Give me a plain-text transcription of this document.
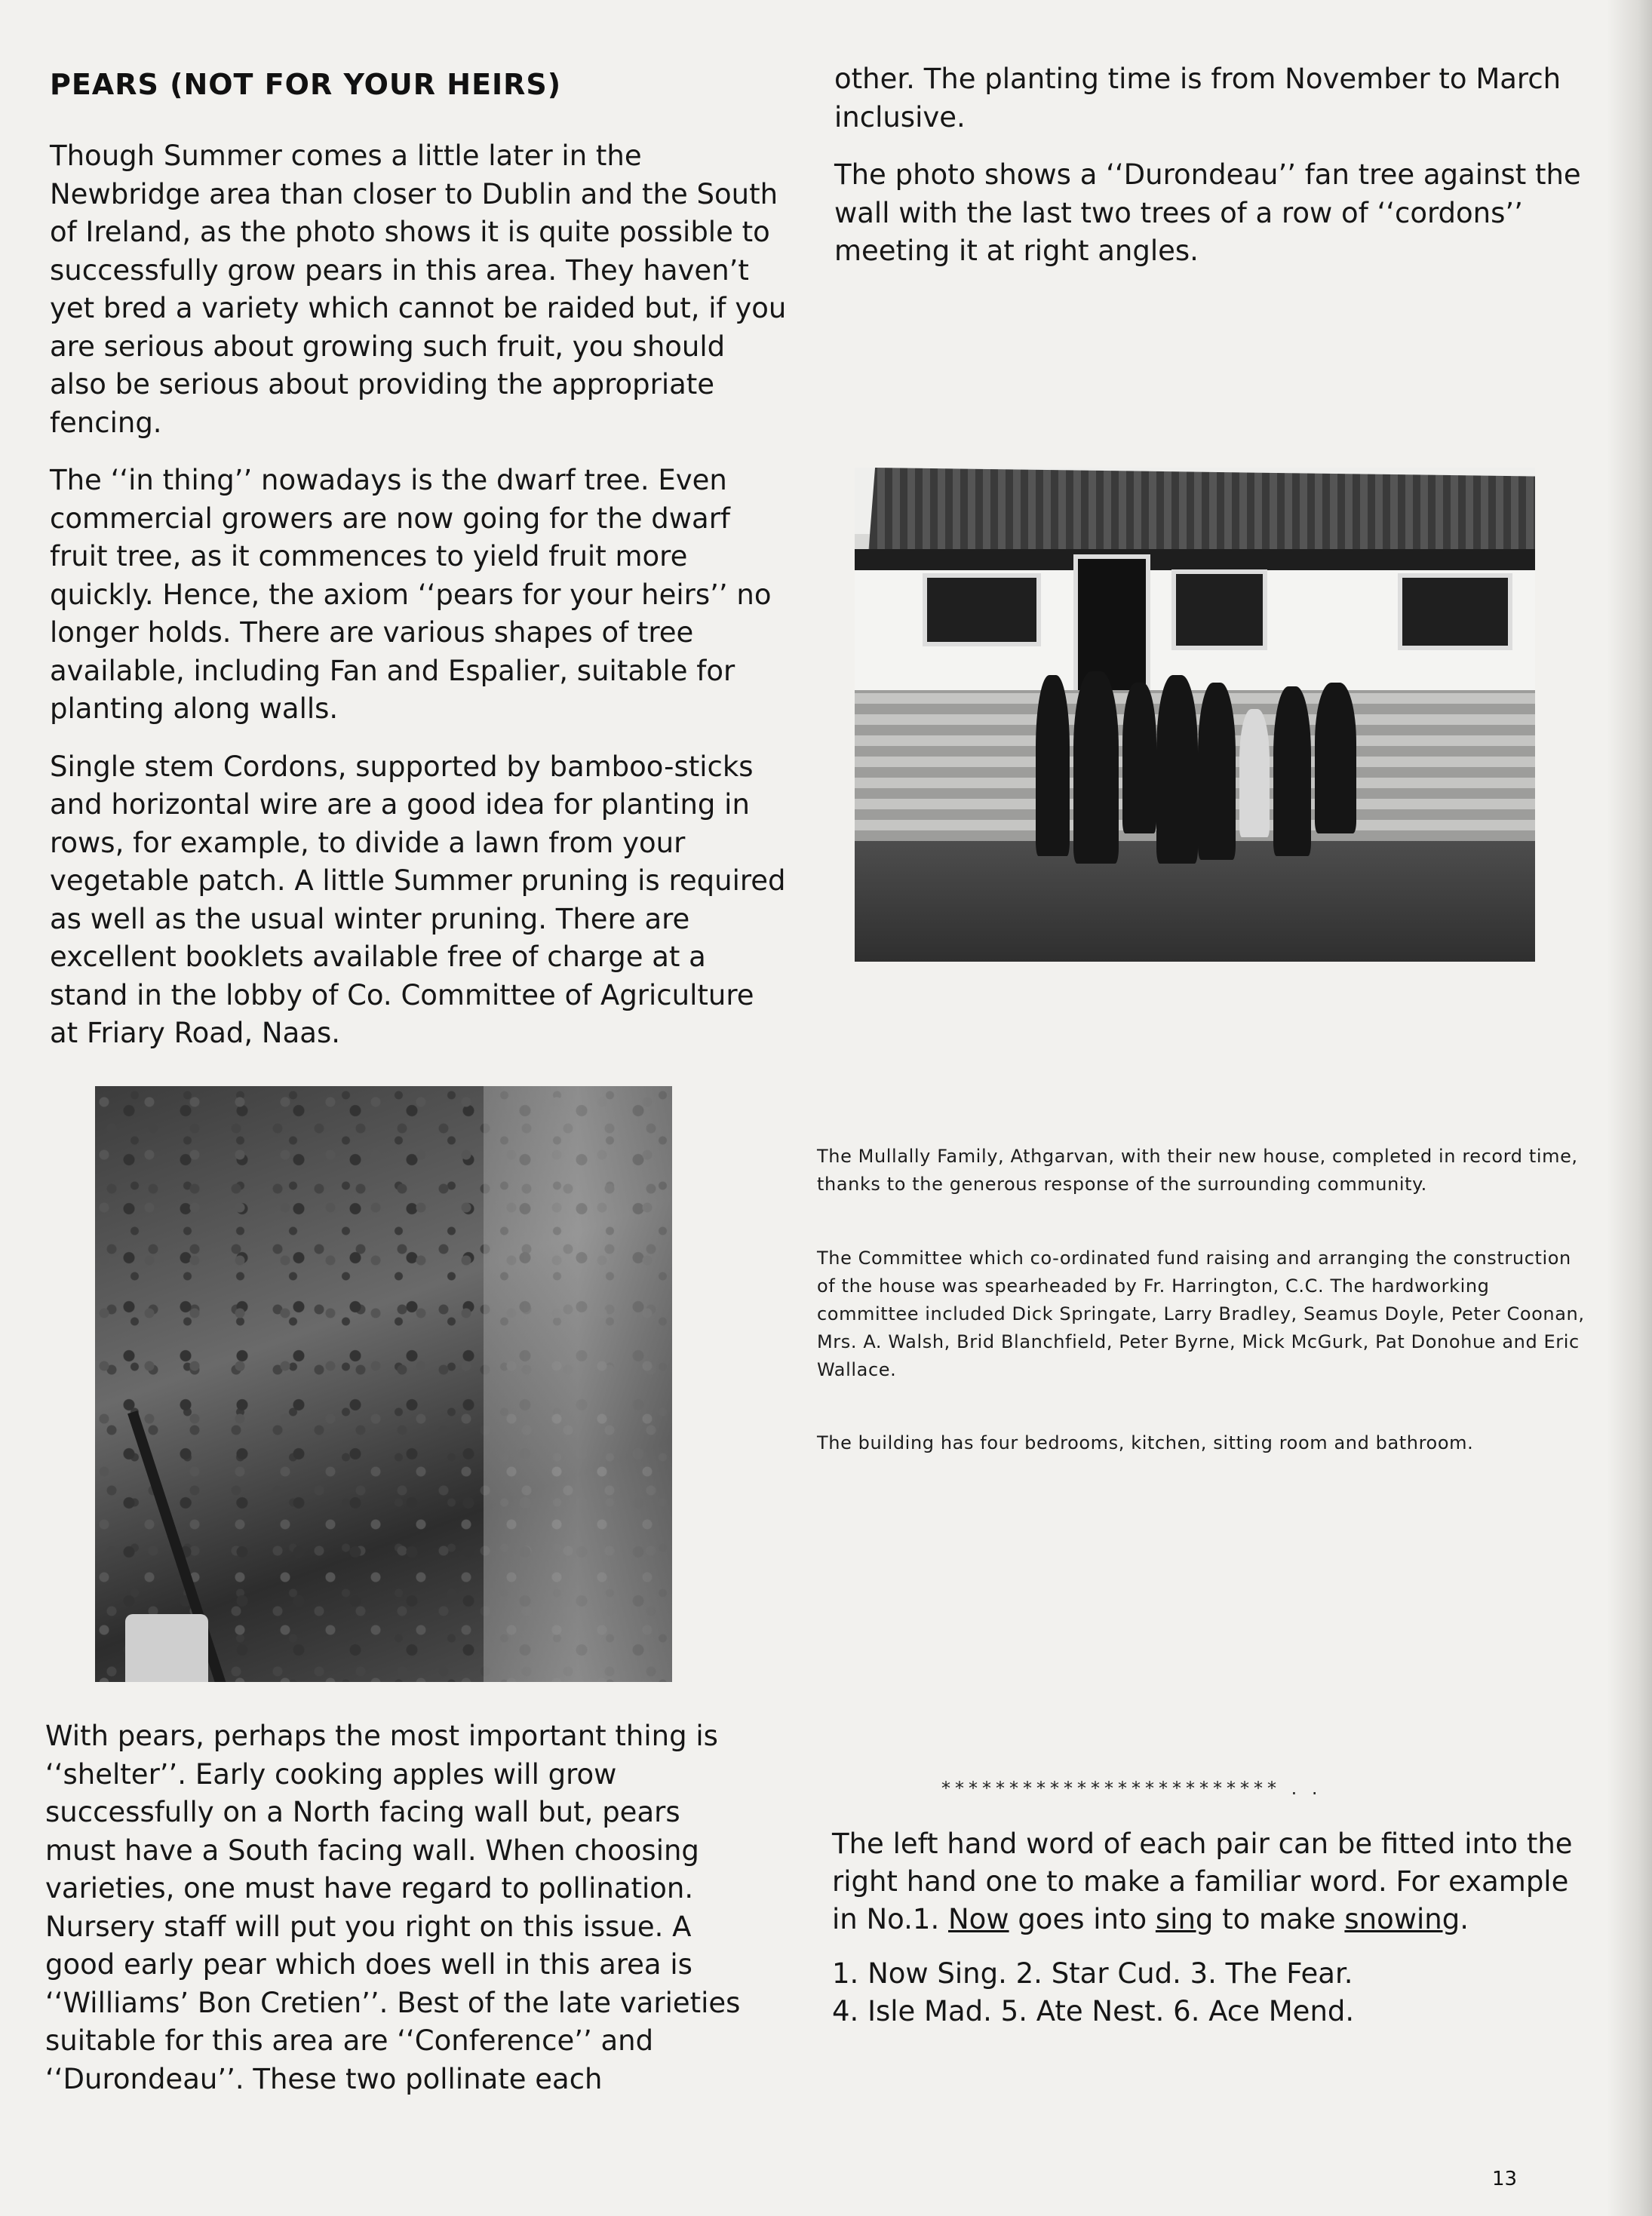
PEARS (NOT FOR YOUR HEIRS)

Though Summer comes a little later in the Newbridge area than closer to Dublin and the South of Ireland, as the photo shows it is quite possible to successfully grow pears in this area. They haven’t yet bred a variety which cannot be raided but, if you are serious about growing such fruit, you should also be serious about providing the appropriate fencing.

The ‘‘in thing’’ nowadays is the dwarf tree. Even commercial growers are now going for the dwarf fruit tree, as it commences to yield fruit more quickly. Hence, the axiom ‘‘pears for your heirs’’ no longer holds. There are various shapes of tree available, including Fan and Espalier, suitable for planting along walls.

Single stem Cordons, supported by bamboo-sticks and horizontal wire are a good idea for planting in rows, for example, to divide a lawn from your vegetable patch. A little Summer pruning is required as well as the usual winter pruning. There are excellent booklets available free of charge at a stand in the lobby of Co. Committee of Agriculture at Friary Road, Naas.

With pears, perhaps the most important thing is ‘‘shelter’’. Early cooking apples will grow successfully on a North facing wall but, pears must have a South facing wall. When choosing varieties, one must have regard to pollination. Nursery staff will put you right on this issue. A good early pear which does well in this area is ‘‘Williams’ Bon Cretien’’. Best of the late varieties suitable for this area are ‘‘Conference’’ and ‘‘Durondeau’’. These two pollinate each

other. The planting time is from November to March inclusive.

The photo shows a ‘‘Durondeau’’ fan tree against the wall with the last two trees of a row of ‘‘cordons’’ meeting it at right angles.

The Mullally Family, Athgarvan, with their new house, completed in record time, thanks to the generous response of the surrounding community.

The Committee which co-ordinated fund raising and arranging the construction of the house was spearheaded by Fr. Harrington, C.C. The hardworking committee included Dick Springate, Larry Bradley, Seamus Doyle, Peter Coonan, Mrs. A. Walsh, Brid Blanchfield, Peter Byrne, Mick McGurk, Pat Donohue and Eric Wallace.

The building has four bedrooms, kitchen, sitting room and bathroom.

************************* . .

The left hand word of each pair can be fitted into the right hand one to make a familiar word. For example in No.1. Now goes into sing to make snowing.

1. Now Sing. 2. Star Cud. 3. The Fear.

4. Isle Mad. 5. Ate Nest. 6. Ace Mend.

13
